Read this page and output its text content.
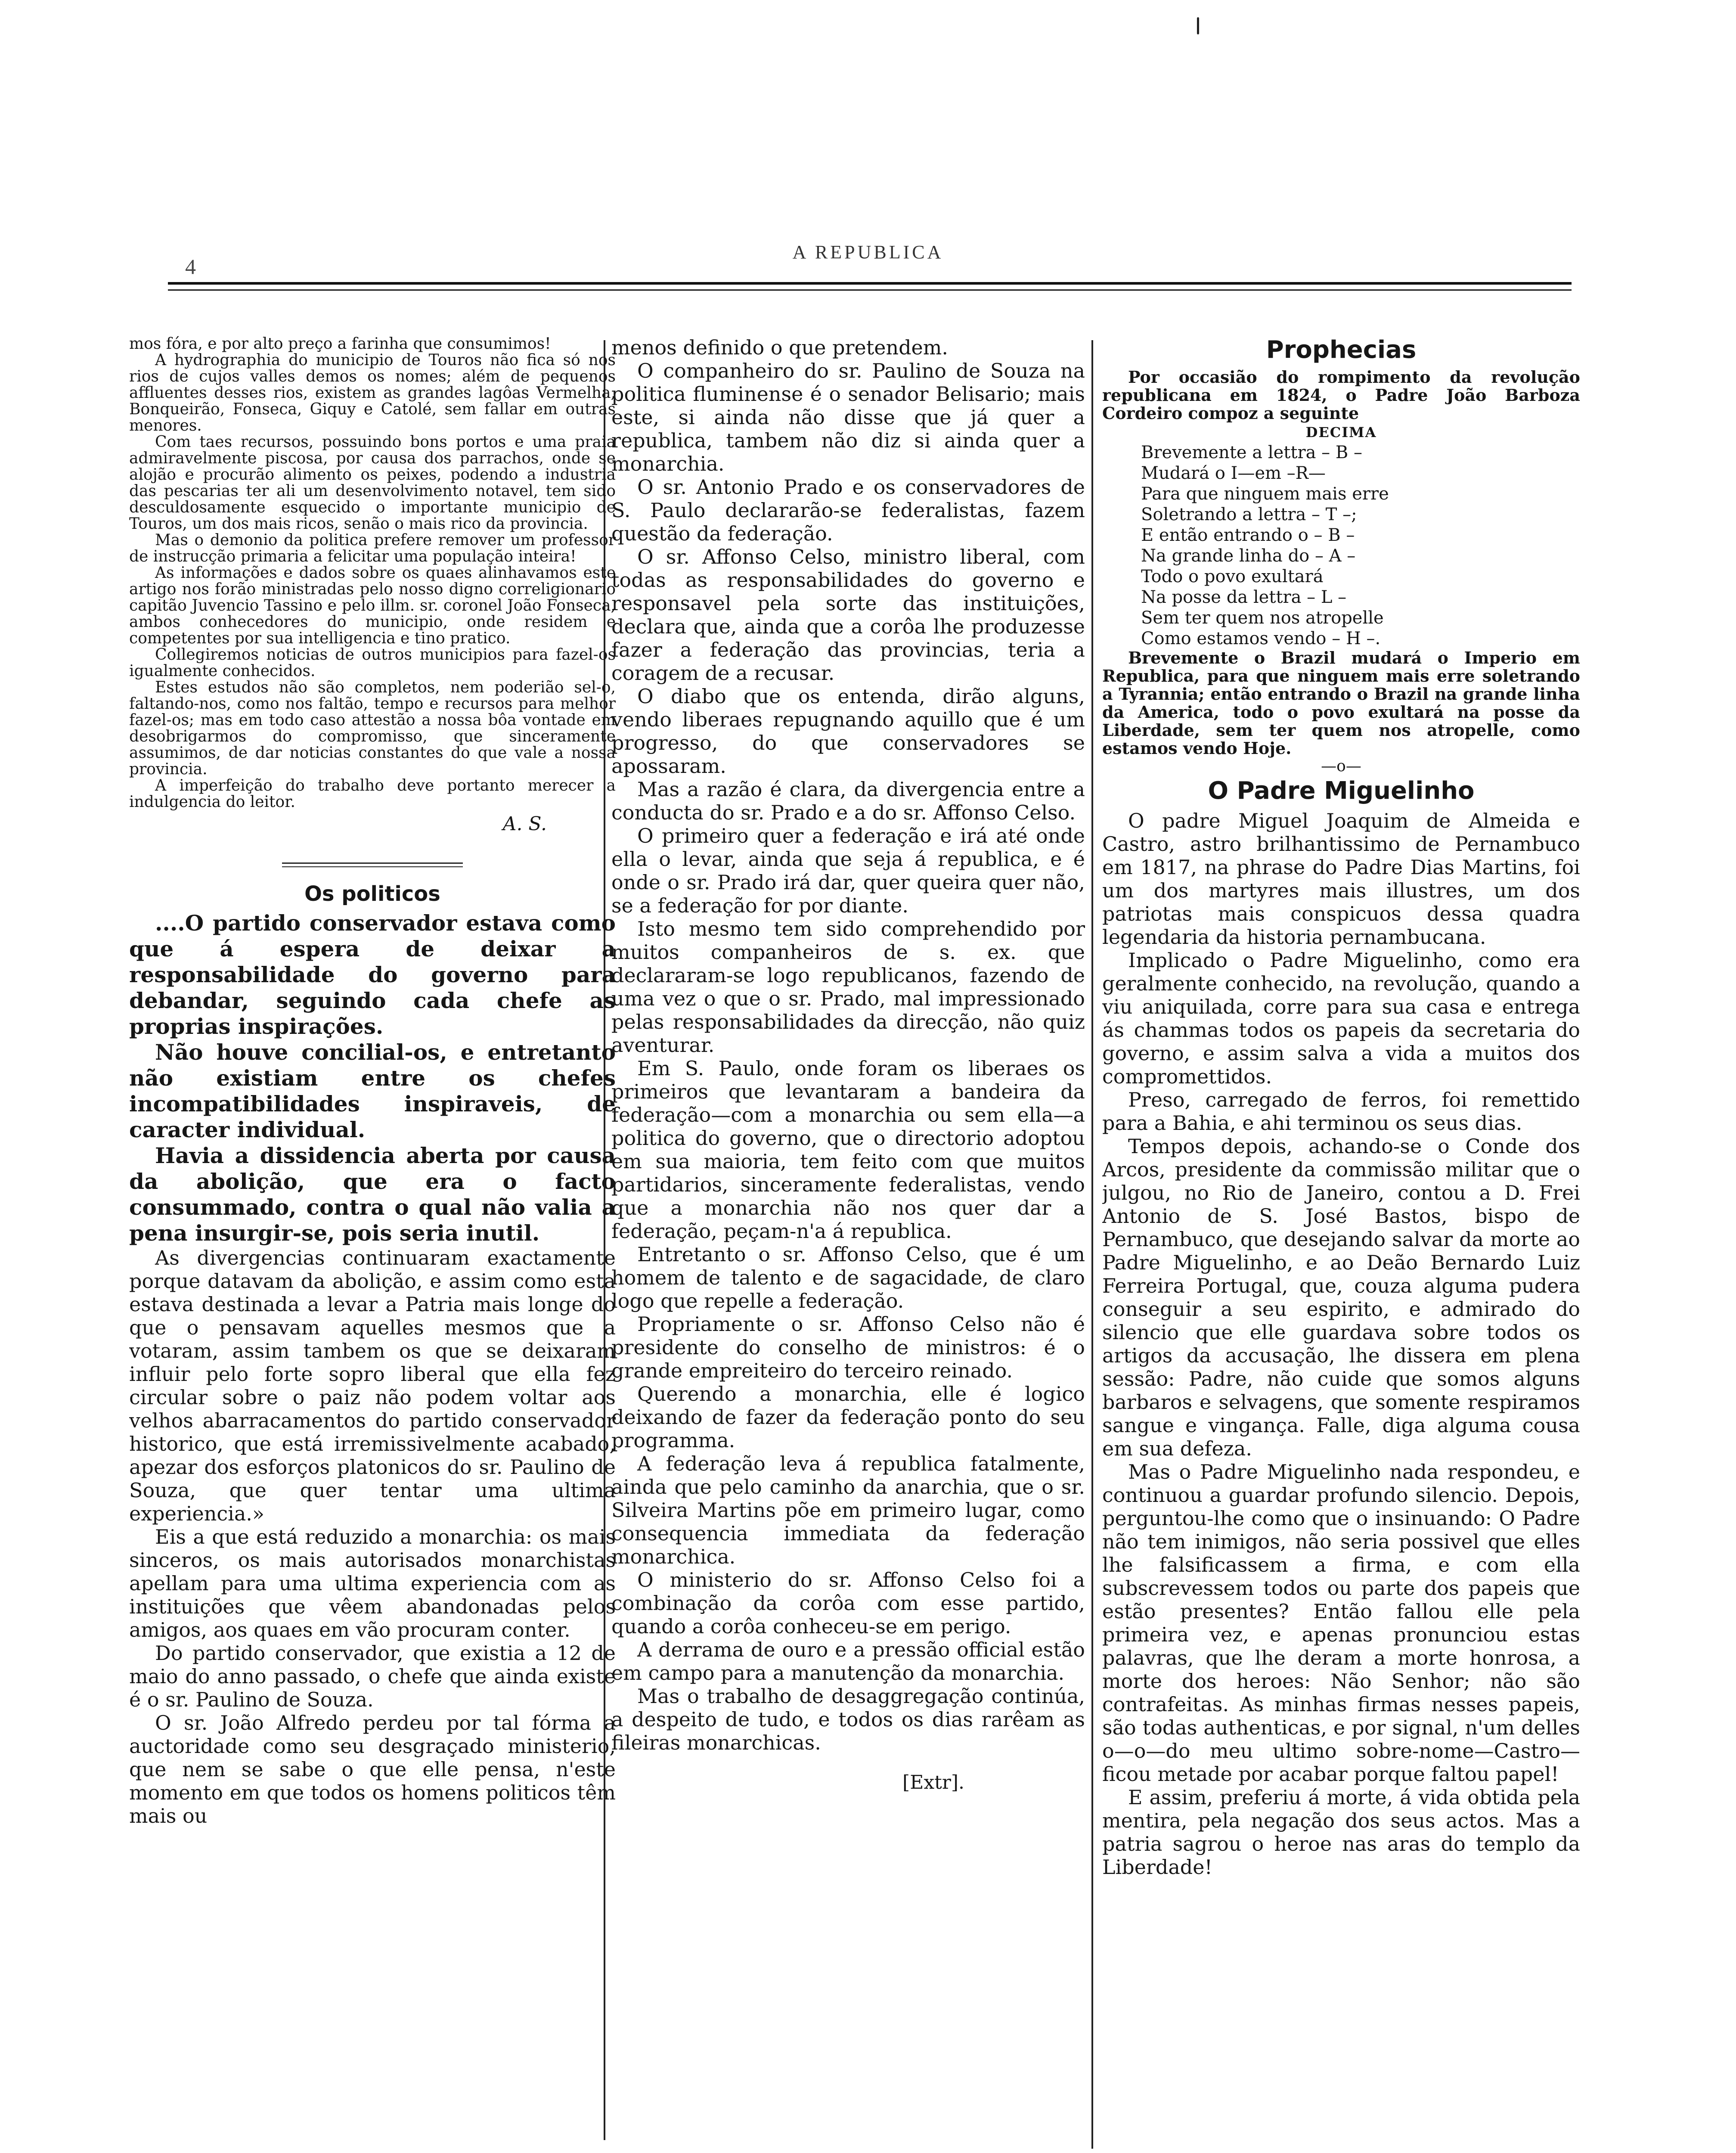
A REPUBLICA
4

mos fóra, e por alto preço a farinha que consumimos!

A hydrographia do municipio de Touros não fica só nos rios de cujos valles demos os nomes; além de pequenos affluentes desses rios, existem as grandes lagôas Vermelha, Bonqueirão, Fonseca, Giquy e Catolé, sem fallar em outras menores.

Com taes recursos, possuindo bons portos e uma praia admiravelmente piscosa, por causa dos parrachos, onde se alojão e procurão alimento os peixes, podendo a industria das pescarias ter ali um desenvolvimento notavel, tem sido desculdosamente esquecido o importante municipio de Touros, um dos mais ricos, senão o mais rico da provincia.

Mas o demonio da politica prefere remover um professor de instrucção primaria a felicitar uma população inteira!

As informações e dados sobre os quaes alinhavamos este artigo nos forão ministradas pelo nosso digno correligionario capitão Juvencio Tassino e pelo illm. sr. coronel João Fonseca, ambos conhecedores do municipio, onde residem e competentes por sua intelligencia e tino pratico.

Collegiremos noticias de outros municipios para fazel-os igualmente conhecidos.

Estes estudos não são completos, nem poderião sel-o, faltando-nos, como nos faltão, tempo e recursos para melhor fazel-os; mas em todo caso attestão a nossa bôa vontade em desobrigarmos do compromisso, que sinceramente assumimos, de dar noticias constantes do que vale a nossa provincia.

A imperfeição do trabalho deve portanto merecer a indulgencia do leitor.

A. S.
Os politicos

....O partido conservador estava como que á espera de deixar a responsabilidade do governo para debandar, seguindo cada chefe as proprias inspirações.

Não houve concilial-os, e entretanto não existiam entre os chefes incompatibilidades inspiraveis, de caracter individual.

Havia a dissidencia aberta por causa da abolição, que era o facto consummado, contra o qual não valia a pena insurgir-se, pois seria inutil.

As divergencias continuaram exactamente porque datavam da abolição, e assim como esta estava destinada a levar a Patria mais longe do que o pensavam aquelles mesmos que a votaram, assim tambem os que se deixaram influir pelo forte sopro liberal que ella fez circular sobre o paiz não podem voltar aos velhos abarracamentos do partido conservador historico, que está irremissivelmente acabado, apezar dos esforços platonicos do sr. Paulino de Souza, que quer tentar uma ultima experiencia.»

Eis a que está reduzido a monarchia: os mais sinceros, os mais autorisados monarchistas apellam para uma ultima experiencia com as instituições que vêem abandonadas pelos amigos, aos quaes em vão procuram conter.

Do partido conservador, que existia a 12 de maio do anno passado, o chefe que ainda existe é o sr. Paulino de Souza.

O sr. João Alfredo perdeu por tal fórma a auctoridade como seu desgraçado ministerio, que nem se sabe o que elle pensa, n'este momento em que todos os homens politicos têm mais ou

menos definido o que pretendem.

O companheiro do sr. Paulino de Souza na politica fluminense é o senador Belisario; mais este, si ainda não disse que já quer a republica, tambem não diz si ainda quer a monarchia.

O sr. Antonio Prado e os conservadores de S. Paulo declararão-se federalistas, fazem questão da federação.

O sr. Affonso Celso, ministro liberal, com todas as responsabilidades do governo e responsavel pela sorte das instituições, declara que, ainda que a corôa lhe produzesse fazer a federação das provincias, teria a coragem de a recusar.

O diabo que os entenda, dirão alguns, vendo liberaes repugnando aquillo que é um progresso, do que conservadores se apossaram.

Mas a razão é clara, da divergencia entre a conducta do sr. Prado e a do sr. Affonso Celso.

O primeiro quer a federação e irá até onde ella o levar, ainda que seja á republica, e é onde o sr. Prado irá dar, quer queira quer não, se a federação for por diante.

Isto mesmo tem sido comprehendido por muitos companheiros de s. ex. que declararam-se logo republicanos, fazendo de uma vez o que o sr. Prado, mal impressionado pelas responsabilidades da direcção, não quiz aventurar.

Em S. Paulo, onde foram os liberaes os primeiros que levantaram a bandeira da federação—com a monarchia ou sem ella—a politica do governo, que o directorio adoptou em sua maioria, tem feito com que muitos partidarios, sinceramente federalistas, vendo que a monarchia não nos quer dar a federação, peçam-n'a á republica.

Entretanto o sr. Affonso Celso, que é um homem de talento e de sagacidade, de claro logo que repelle a federação.

Propriamente o sr. Affonso Celso não é presidente do conselho de ministros: é o grande empreiteiro do terceiro reinado.

Querendo a monarchia, elle é logico deixando de fazer da federação ponto do seu programma.

A federação leva á republica fatalmente, ainda que pelo caminho da anarchia, que o sr. Silveira Martins põe em primeiro lugar, como consequencia immediata da federação monarchica.

O ministerio do sr. Affonso Celso foi a combinação da corôa com esse partido, quando a corôa conheceu-se em perigo.

A derrama de ouro e a pressão official estão em campo para a manutenção da monarchia.

Mas o trabalho de desaggregação continúa, a despeito de tudo, e todos os dias rarêam as fileiras monarchicas.

[Extr].
Prophecias

Por occasião do rompimento da revolução republicana em 1824, o Padre João Barboza Cordeiro compoz a seguinte

DECIMA
Brevemente a lettra – B –
Mudará o I—em –R—
Para que ninguem mais erre
Soletrando a lettra – T –;
E então entrando o – B –
Na grande linha do – A –
Todo o povo exultará
Na posse da lettra – L –
Sem ter quem nos atropelle
Como estamos vendo – H –.

Brevemente o Brazil mudará o Imperio em Republica, para que ninguem mais erre soletrando a Tyrannia; então entrando o Brazil na grande linha da America, todo o povo exultará na posse da Liberdade, sem ter quem nos atropelle, como estamos vendo Hoje.

—o—
O Padre Miguelinho

O padre Miguel Joaquim de Almeida e Castro, astro brilhantissimo de Pernambuco em 1817, na phrase do Padre Dias Martins, foi um dos martyres mais illustres, um dos patriotas mais conspicuos dessa quadra legendaria da historia pernambucana.

Implicado o Padre Miguelinho, como era geralmente conhecido, na revolução, quando a viu aniquilada, corre para sua casa e entrega ás chammas todos os papeis da secretaria do governo, e assim salva a vida a muitos dos compromettidos.

Preso, carregado de ferros, foi remettido para a Bahia, e ahi terminou os seus dias.

Tempos depois, achando-se o Conde dos Arcos, presidente da commissão militar que o julgou, no Rio de Janeiro, contou a D. Frei Antonio de S. José Bastos, bispo de Pernambuco, que desejando salvar da morte ao Padre Miguelinho, e ao Deão Bernardo Luiz Ferreira Portugal, que, couza alguma pudera conseguir a seu espirito, e admirado do silencio que elle guardava sobre todos os artigos da accusação, lhe dissera em plena sessão: Padre, não cuide que somos alguns barbaros e selvagens, que somente respiramos sangue e vingança. Falle, diga alguma cousa em sua defeza.

Mas o Padre Miguelinho nada respondeu, e continuou a guardar profundo silencio. Depois, perguntou-lhe como que o insinuando: O Padre não tem inimigos, não seria possivel que elles lhe falsificassem a firma, e com ella subscrevessem todos ou parte dos papeis que estão presentes? Então fallou elle pela primeira vez, e apenas pronunciou estas palavras, que lhe deram a morte honrosa, a morte dos heroes: Não Senhor; não são contrafeitas. As minhas firmas nesses papeis, são todas authenticas, e por signal, n'um delles o—o—do meu ultimo sobre-nome—Castro—ficou metade por acabar porque faltou papel!

E assim, preferiu á morte, á vida obtida pela mentira, pela negação dos seus actos. Mas a patria sagrou o heroe nas aras do templo da Liberdade!
